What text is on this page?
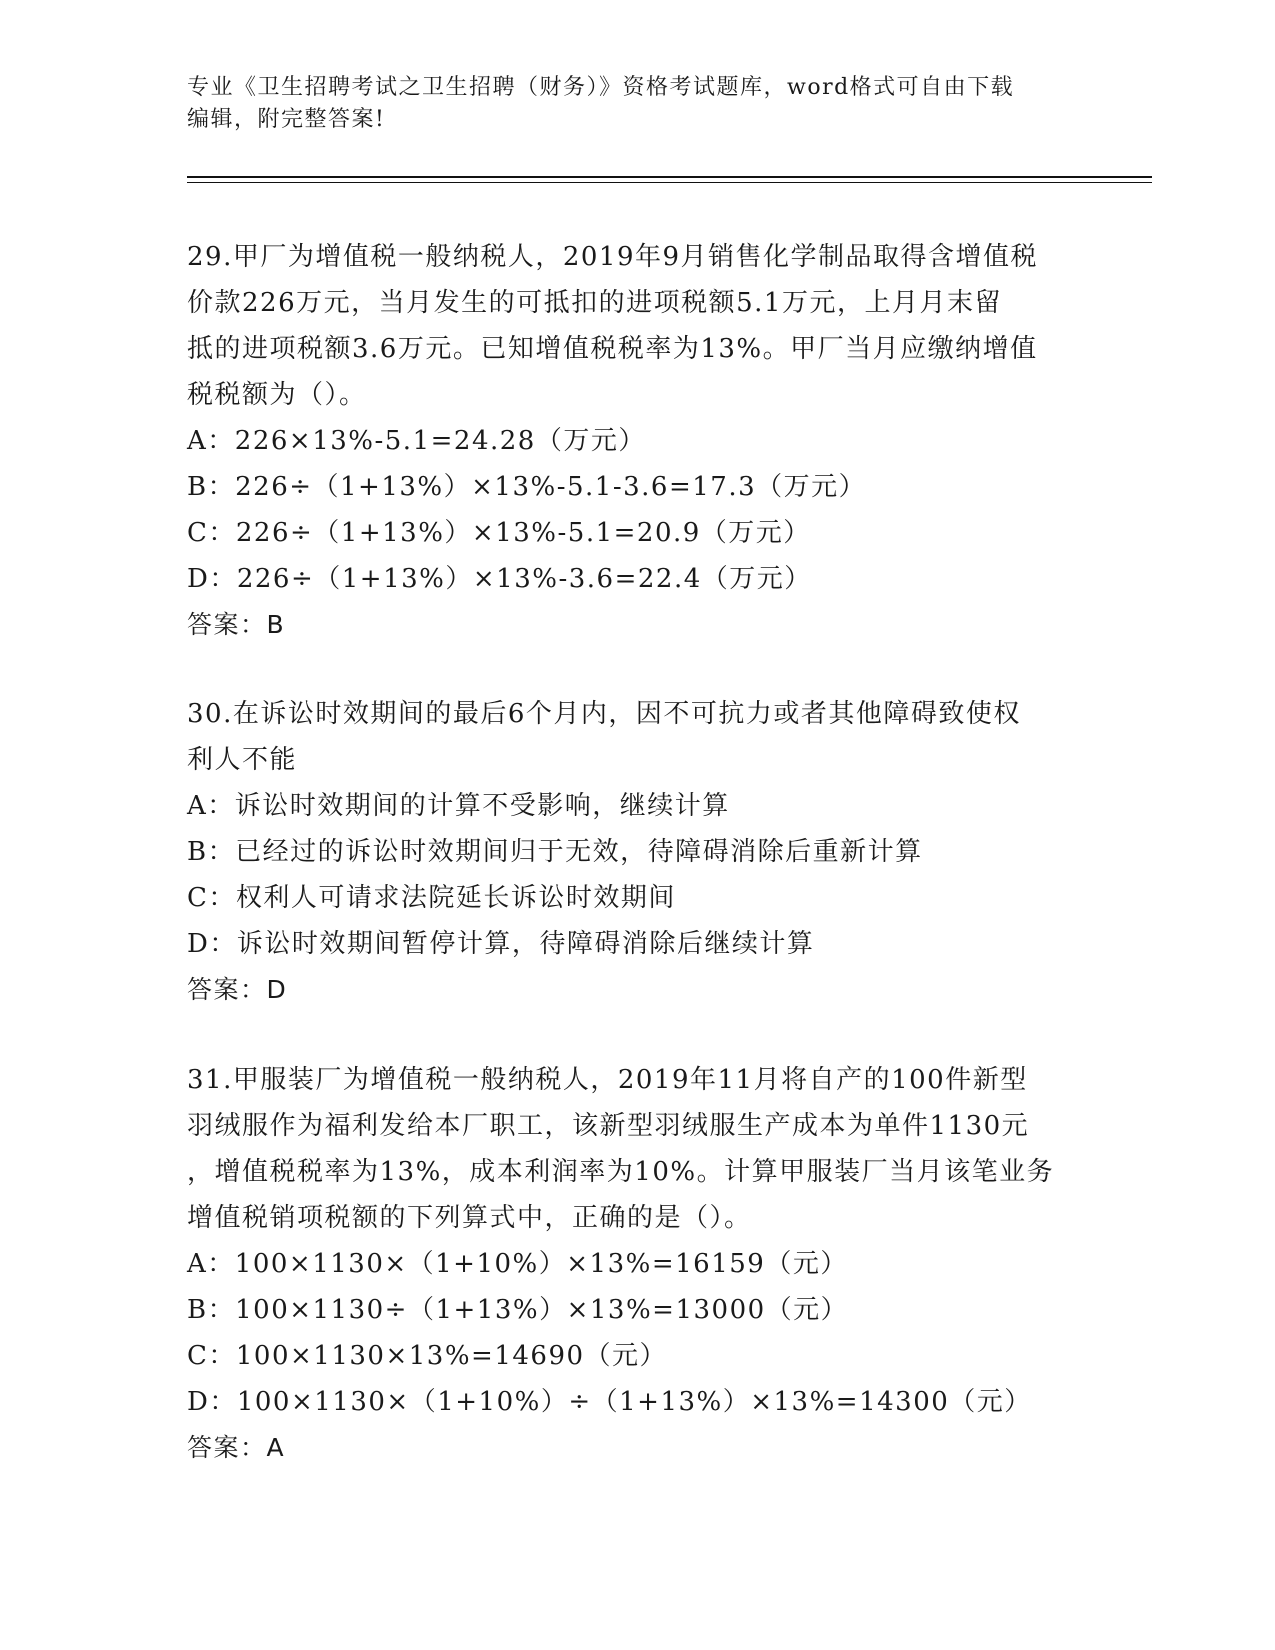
专业《卫生招聘考试之卫生招聘（财务）》资格考试题库，word格式可自由下载
编辑，附完整答案!
29.甲厂为增值税一般纳税人，2019年9月销售化学制品取得含增值税
价款226万元，当月发生的可抵扣的进项税额5.1万元，上月月末留
抵的进项税额3.6万元。已知增值税税率为13%。甲厂当月应缴纳增值
税税额为（）。
A：226×13%-5.1=24.28（万元）
B：226÷（1+13%）×13%-5.1-3.6=17.3（万元）
C：226÷（1+13%）×13%-5.1=20.9（万元）
D：226÷（1+13%）×13%-3.6=22.4（万元）
答案：B
30.在诉讼时效期间的最后6个月内，因不可抗力或者其他障碍致使权
利人不能
A：诉讼时效期间的计算不受影响，继续计算
B：已经过的诉讼时效期间归于无效，待障碍消除后重新计算
C：权利人可请求法院延长诉讼时效期间
D：诉讼时效期间暂停计算，待障碍消除后继续计算
答案：D
31.甲服装厂为增值税一般纳税人，2019年11月将自产的100件新型
羽绒服作为福利发给本厂职工，该新型羽绒服生产成本为单件1130元
，增值税税率为13%，成本利润率为10%。计算甲服装厂当月该笔业务
增值税销项税额的下列算式中，正确的是（）。
A：100×1130×（1+10%）×13%=16159（元）
B：100×1130÷（1+13%）×13%=13000（元）
C：100×1130×13%=14690（元）
D：100×1130×（1+10%）÷（1+13%）×13%=14300（元）
答案：A
